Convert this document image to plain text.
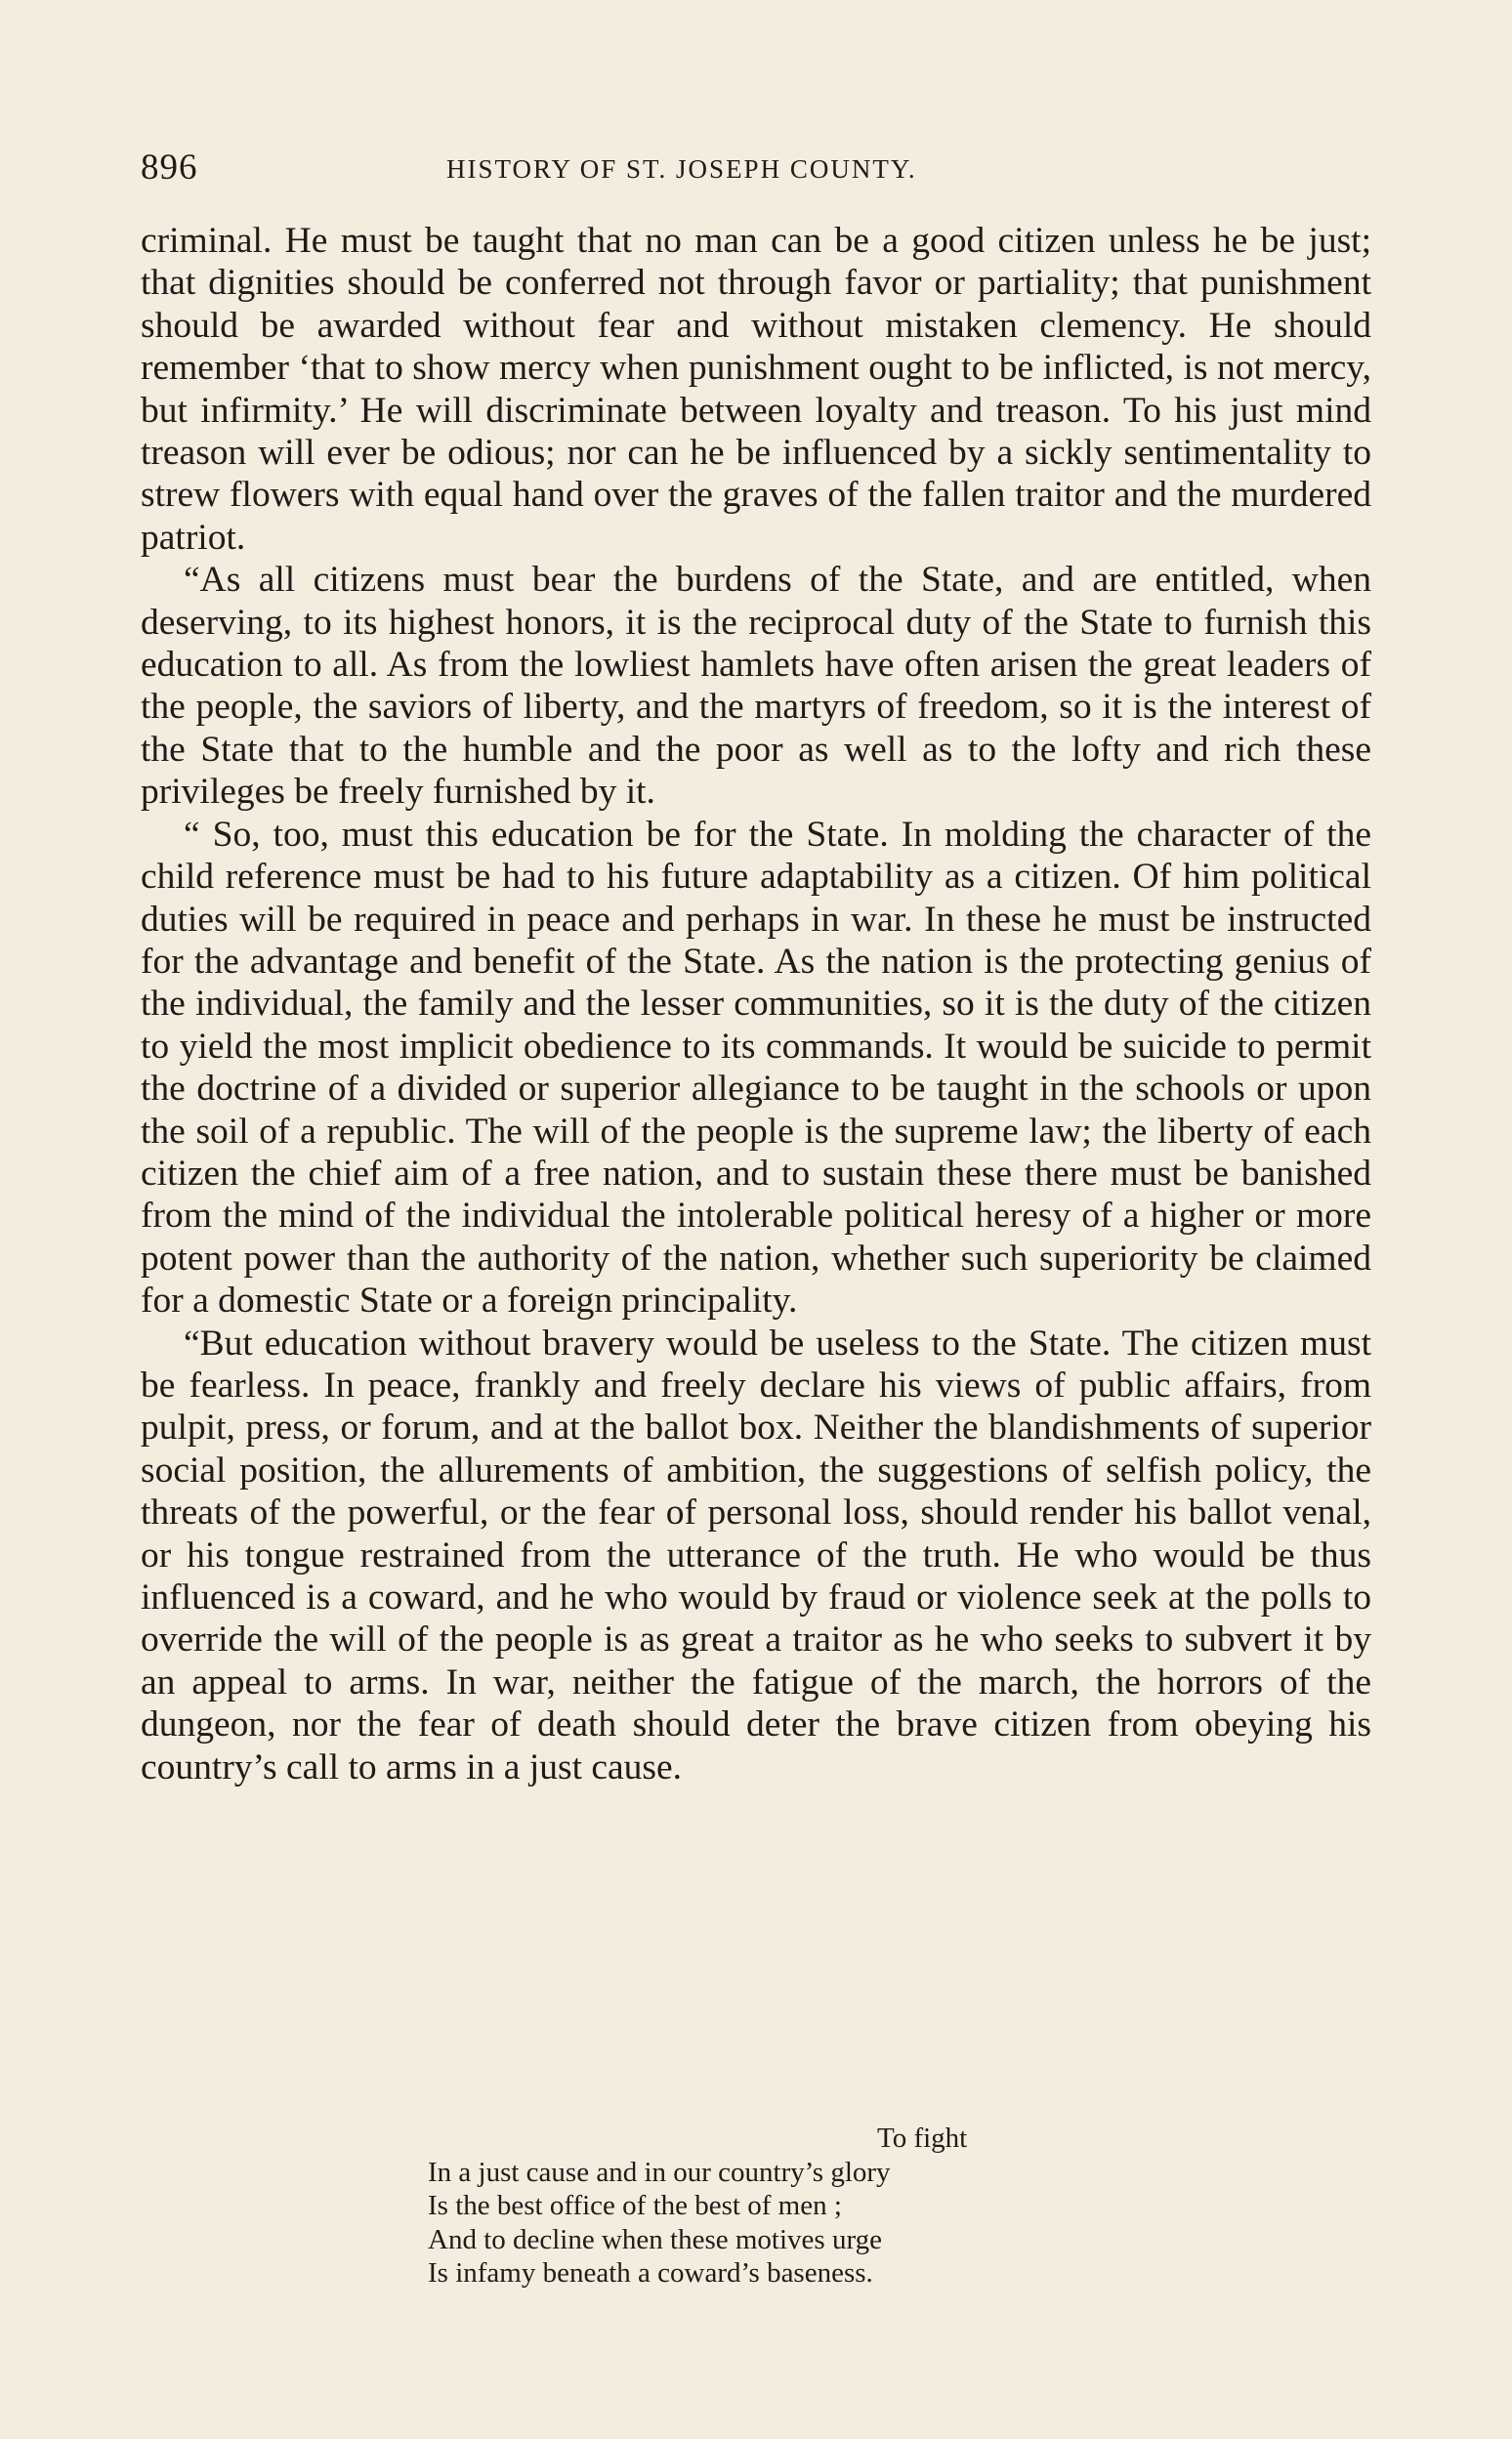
896	HISTORY OF ST. JOSEPH COUNTY.

criminal. He must be taught that no man can be a good citizen unless he be just; that dignities should be conferred not through favor or partiality; that punishment should be awarded without fear and without mistaken clemency. He should remember ‘that to show mercy when punishment ought to be inflicted, is not mercy, but infirmity.’ He will discriminate between loyalty and treason. To his just mind treason will ever be odious; nor can he be influenced by a sickly sentimentality to strew flowers with equal hand over the graves of the fallen traitor and the murdered patriot.

“As all citizens must bear the burdens of the State, and are entitled, when deserving, to its highest honors, it is the reciprocal duty of the State to furnish this education to all. As from the lowliest hamlets have often arisen the great leaders of the people, the saviors of liberty, and the martyrs of freedom, so it is the interest of the State that to the humble and the poor as well as to the lofty and rich these privileges be freely furnished by it.

“ So, too, must this education be for the State. In molding the character of the child reference must be had to his future adaptability as a citizen. Of him political duties will be required in peace and perhaps in war. In these he must be instructed for the advantage and benefit of the State. As the nation is the protecting genius of the individual, the family and the lesser communities, so it is the duty of the citizen to yield the most implicit obedience to its commands. It would be suicide to permit the doctrine of a divided or superior allegiance to be taught in the schools or upon the soil of a republic. The will of the people is the supreme law; the liberty of each citizen the chief aim of a free nation, and to sustain these there must be banished from the mind of the individual the intolerable political heresy of a higher or more potent power than the authority of the nation, whether such superiority be claimed for a domestic State or a foreign principality.

“But education without bravery would be useless to the State. The citizen must be fearless. In peace, frankly and freely declare his views of public affairs, from pulpit, press, or forum, and at the ballot box. Neither the blandishments of superior social position, the allurements of ambition, the suggestions of selfish policy, the threats of the powerful, or the fear of personal loss, should render his ballot venal, or his tongue restrained from the utterance of the truth. He who would be thus influenced is a coward, and he who would by fraud or violence seek at the polls to override the will of the people is as great a traitor as he who seeks to subvert it by an appeal to arms. In war, neither the fatigue of the march, the horrors of the dungeon, nor the fear of death should deter the brave citizen from obeying his country’s call to arms in a just cause.

To fight
In a just cause and in our country’s glory
Is the best office of the best of men ;
And to decline when these motives urge
Is infamy beneath a coward’s baseness.
